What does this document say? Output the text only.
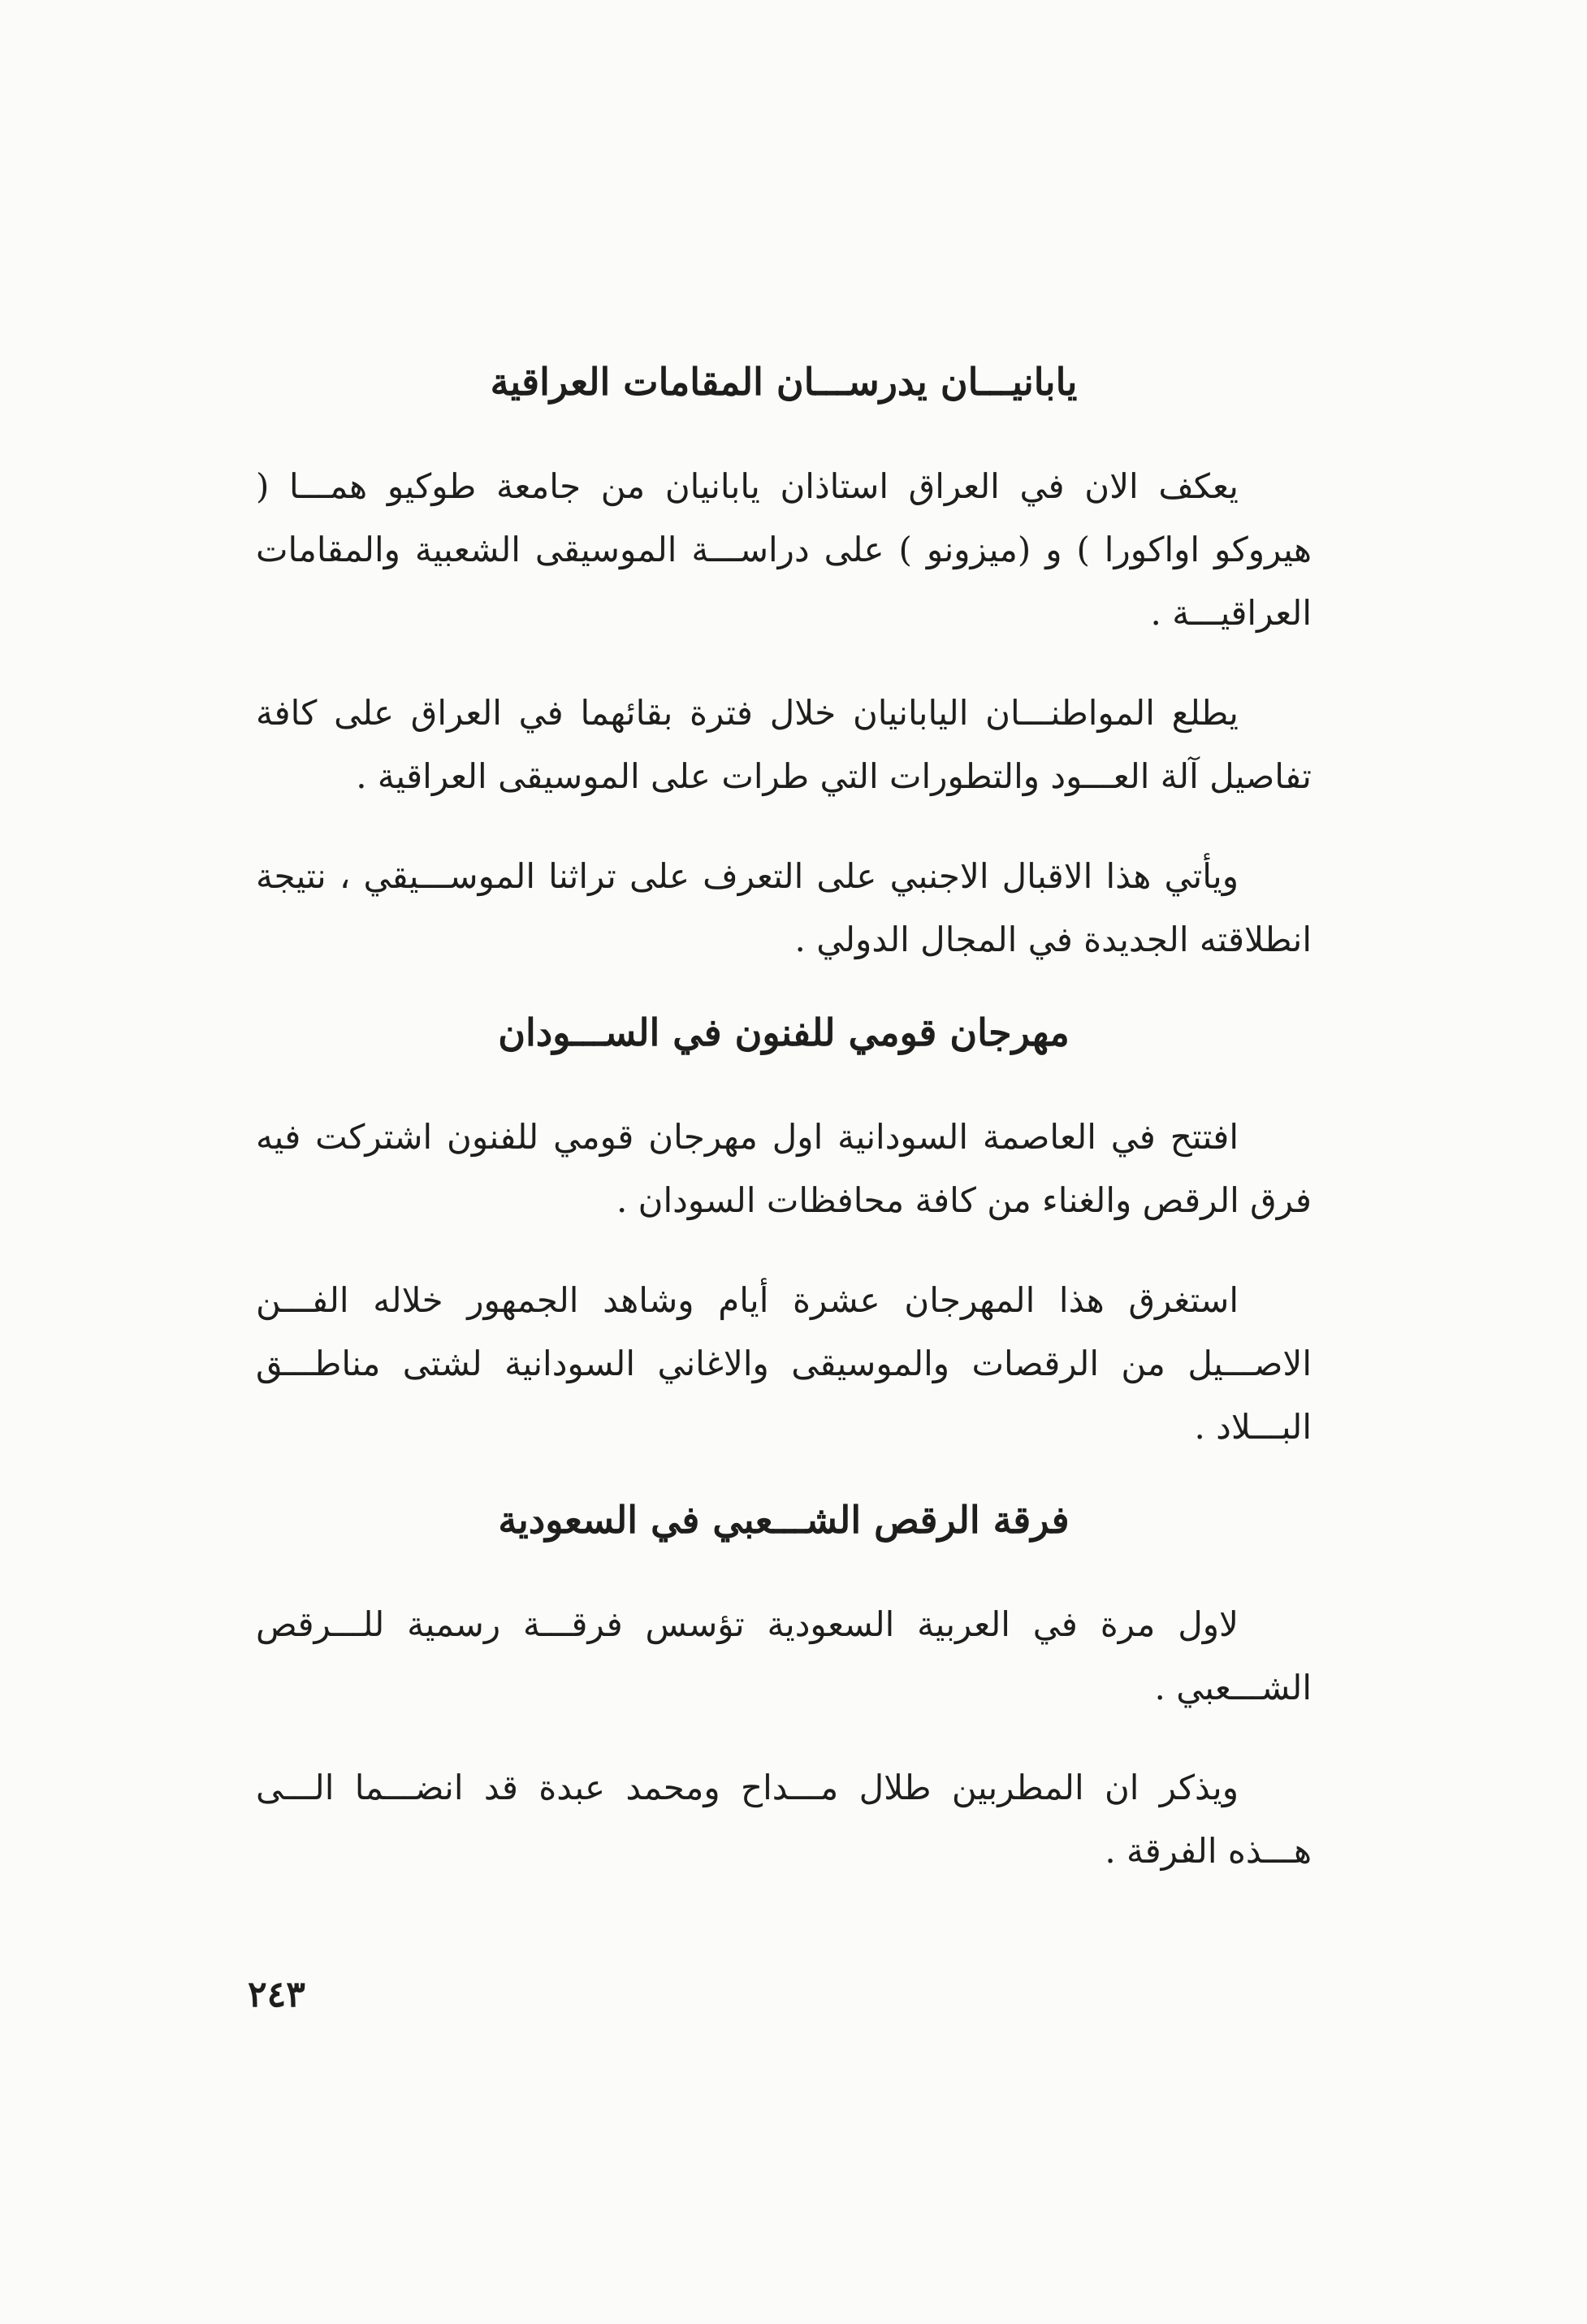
يابانيـــان يدرســـان المقامات العراقية

يعكف الان في العراق استاذان يابانيان من جامعة طوكيو همـــا ( هيروكو اواكورا ) و (ميزونو ) على دراســـة الموسيقى الشعبية والمقامات العراقيـــة .

يطلع المواطنـــان اليابانيان خلال فترة بقائهما في العراق على كافة تفاصيل آلة العـــود والتطورات التي طرات على الموسيقى العراقية .

ويأتي هذا الاقبال الاجنبي على التعرف على تراثنا الموســـيقي ، نتيجة انطلاقته الجديدة في المجال الدولي .

مهرجان قومي للفنون في الســـودان

افتتح في العاصمة السودانية اول مهرجان قومي للفنون اشتركت فيه فرق الرقص والغناء من كافة محافظات السودان .

استغرق هذا المهرجان عشرة أيام وشاهد الجمهور خلاله الفـــن الاصـــيل من الرقصات والموسيقى والاغاني السودانية لشتى مناطـــق البـــلاد .

فرقة الرقص الشـــعبي في السعودية

لاول مرة في العربية السعودية تؤسس فرقـــة رسمية للـــرقص الشـــعبي .

ويذكر ان المطربين طلال مـــداح ومحمد عبدة قد انضـــما الـــى هـــذه الفرقة .

٢٤٣
